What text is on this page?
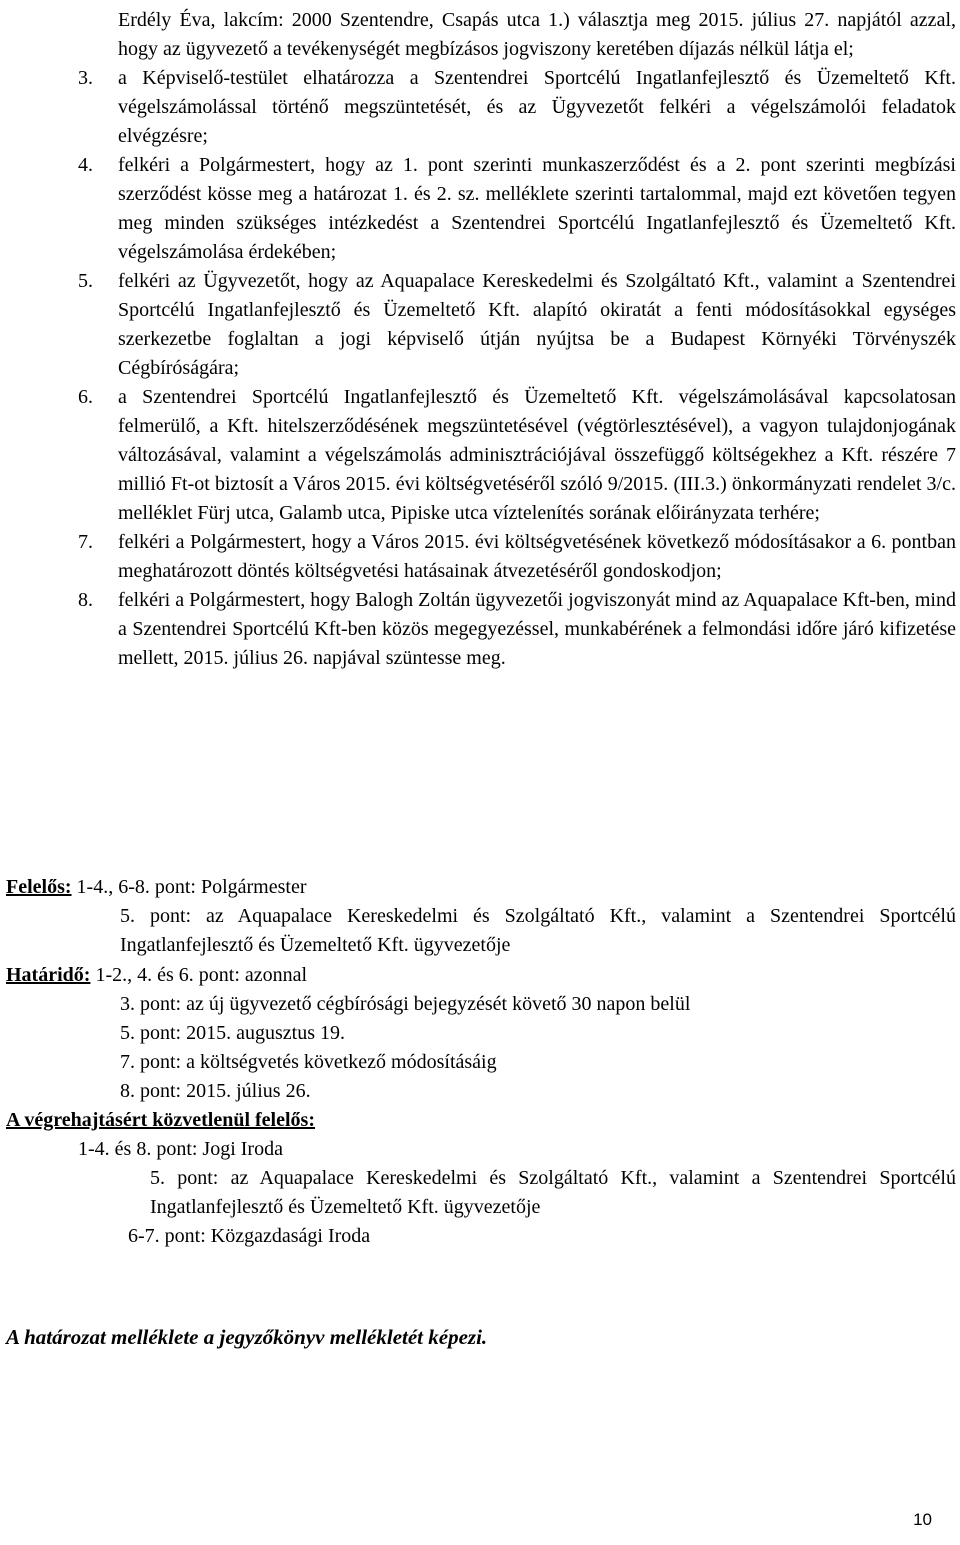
Erdély Éva, lakcím: 2000 Szentendre, Csapás utca 1.) választja meg 2015. július 27. napjától azzal, hogy az ügyvezető a tevékenységét megbízásos jogviszony keretében díjazás nélkül látja el;
3.	a Képviselő-testület elhatározza a Szentendrei Sportcélú Ingatlanfejlesztő és Üzemeltető Kft. végelszámolással történő megszüntetését, és az Ügyvezetőt felkéri a végelszámolói feladatok elvégzésre;
4.	felkéri a Polgármestert, hogy az 1. pont szerinti munkaszerződést és a 2. pont szerinti megbízási szerződést kösse meg a határozat 1. és 2. sz. melléklete szerinti tartalommal, majd ezt követően tegyen meg minden szükséges intézkedést a Szentendrei Sportcélú Ingatlanfejlesztő és Üzemeltető Kft. végelszámolása érdekében;
5.	felkéri az Ügyvezetőt, hogy az Aquapalace Kereskedelmi és Szolgáltató Kft., valamint a Szentendrei Sportcélú Ingatlanfejlesztő és Üzemeltető Kft. alapító okiratát a fenti módosításokkal egységes szerkezetbe foglaltan a jogi képviselő útján nyújtsa be a Budapest Környéki Törvényszék Cégbíróságára;
6.	a Szentendrei Sportcélú Ingatlanfejlesztő és Üzemeltető Kft. végelszámolásával kapcsolatosan felmerülő, a Kft. hitelszerződésének megszüntetésével (végtörlesztésével), a vagyon tulajdonjogának változásával, valamint a végelszámolás adminisztrációjával összefüggő költségekhez a Kft. részére 7 millió Ft-ot biztosít a Város 2015. évi költségvetéséről szóló 9/2015. (III.3.) önkormányzati rendelet 3/c. melléklet Fürj utca, Galamb utca, Pipiske utca víztelenítés sorának előirányzata terhére;
7.	felkéri a Polgármestert, hogy a Város 2015. évi költségvetésének következő módosításakor a 6. pontban meghatározott döntés költségvetési hatásainak átvezetéséről gondoskodjon;
8.	felkéri a Polgármestert, hogy Balogh Zoltán ügyvezetői jogviszonyát mind az Aquapalace Kft-ben, mind a Szentendrei Sportcélú Kft-ben közös megegyezéssel, munkabérének a felmondási időre járó kifizetése mellett, 2015. július 26. napjával szüntesse meg.
Felelős: 1-4., 6-8. pont: Polgármester
5. pont: az Aquapalace Kereskedelmi és Szolgáltató Kft., valamint a Szentendrei Sportcélú Ingatlanfejlesztő és Üzemeltető Kft. ügyvezetője
Határidő: 1-2., 4. és 6. pont: azonnal
3. pont: az új ügyvezető cégbírósági bejegyzését követő 30 napon belül
5. pont: 2015. augusztus 19.
7. pont: a költségvetés következő módosításáig
8. pont: 2015. július 26.
A végrehajtásért közvetlenül felelős:
1-4. és 8. pont: Jogi Iroda
5. pont: az Aquapalace Kereskedelmi és Szolgáltató Kft., valamint a Szentendrei Sportcélú Ingatlanfejlesztő és Üzemeltető Kft. ügyvezetője
6-7. pont: Közgazdasági Iroda
A határozat melléklete a jegyzőkönyv mellékletét képezi.
10
